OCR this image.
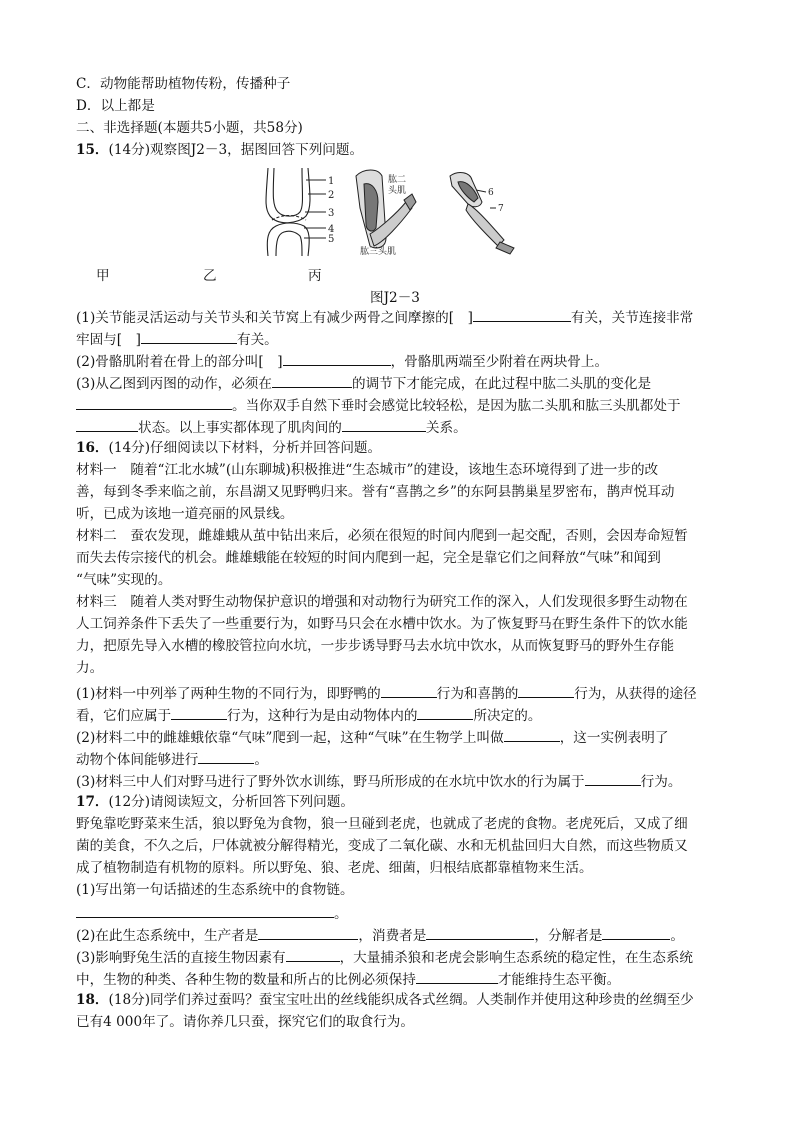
C．动物能帮助植物传粉，传播种子
D．以上都是
二、非选择题(本题共5小题，共58分)
15．(14分)观察图J2－3，据图回答下列问题。
1
2
3
4
5
肱二
头肌
肱三头肌
6
7
甲	乙	丙
图J2－3
(1)关节能灵活运动与关节头和关节窝上有减少两骨之间摩擦的[　]	有关，关节连接非常
牢固与[　]	有关。
(2)骨骼肌附着在骨上的部分叫[　]	，骨骼肌两端至少附着在两块骨上。
(3)从乙图到丙图的动作，必须在	的调节下才能完成，在此过程中肱二头肌的变化是
。当你双手自然下垂时会感觉比较轻松，是因为肱二头肌和肱三头肌都处于
状态。以上事实都体现了肌肉间的	关系。
16．(14分)仔细阅读以下材料，分析并回答问题。
材料一　随着“江北水城”(山东聊城)积极推进“生态城市”的建设，该地生态环境得到了进一步的改
善，每到冬季来临之前，东昌湖又见野鸭归来。誉有“喜鹊之乡”的东阿县鹊巢星罗密布，鹊声悦耳动
听，已成为该地一道亮丽的风景线。
材料二　蚕农发现，雌雄蛾从茧中钻出来后，必须在很短的时间内爬到一起交配，否则，会因寿命短暂
而失去传宗接代的机会。雌雄蛾能在较短的时间内爬到一起，完全是靠它们之间释放“气味”和闻到
“气味”实现的。
材料三　随着人类对野生动物保护意识的增强和对动物行为研究工作的深入，人们发现很多野生动物在
人工饲养条件下丢失了一些重要行为，如野马只会在水槽中饮水。为了恢复野马在野生条件下的饮水能
力，把原先导入水槽的橡胶管拉向水坑，一步步诱导野马去水坑中饮水，从而恢复野马的野外生存能
力。
(1)材料一中列举了两种生物的不同行为，即野鸭的	行为和喜鹊的	行为，从获得的途径
看，它们应属于	行为，这种行为是由动物体内的	所决定的。
(2)材料二中的雌雄蛾依靠“气味”爬到一起，这种“气味”在生物学上叫做	，这一实例表明了
动物个体间能够进行	。
(3)材料三中人们对野马进行了野外饮水训练，野马所形成的在水坑中饮水的行为属于	行为。
17．(12分)请阅读短文，分析回答下列问题。
野兔靠吃野菜来生活，狼以野兔为食物，狼一旦碰到老虎，也就成了老虎的食物。老虎死后，又成了细
菌的美食，不久之后，尸体就被分解得精光，变成了二氧化碳、水和无机盐回归大自然，而这些物质又
成了植物制造有机物的原料。所以野兔、狼、老虎、细菌，归根结底都靠植物来生活。
(1)写出第一句话描述的生态系统中的食物链。
。
(2)在此生态系统中，生产者是	，消费者是	，分解者是	。
(3)影响野兔生活的直接生物因素有	，大量捕杀狼和老虎会影响生态系统的稳定性，在生态系统
中，生物的种类、各种生物的数量和所占的比例必须保持	才能维持生态平衡。
18．(18分)同学们养过蚕吗？蚕宝宝吐出的丝线能织成各式丝绸。人类制作并使用这种珍贵的丝绸至少
已有4 000年了。请你养几只蚕，探究它们的取食行为。
